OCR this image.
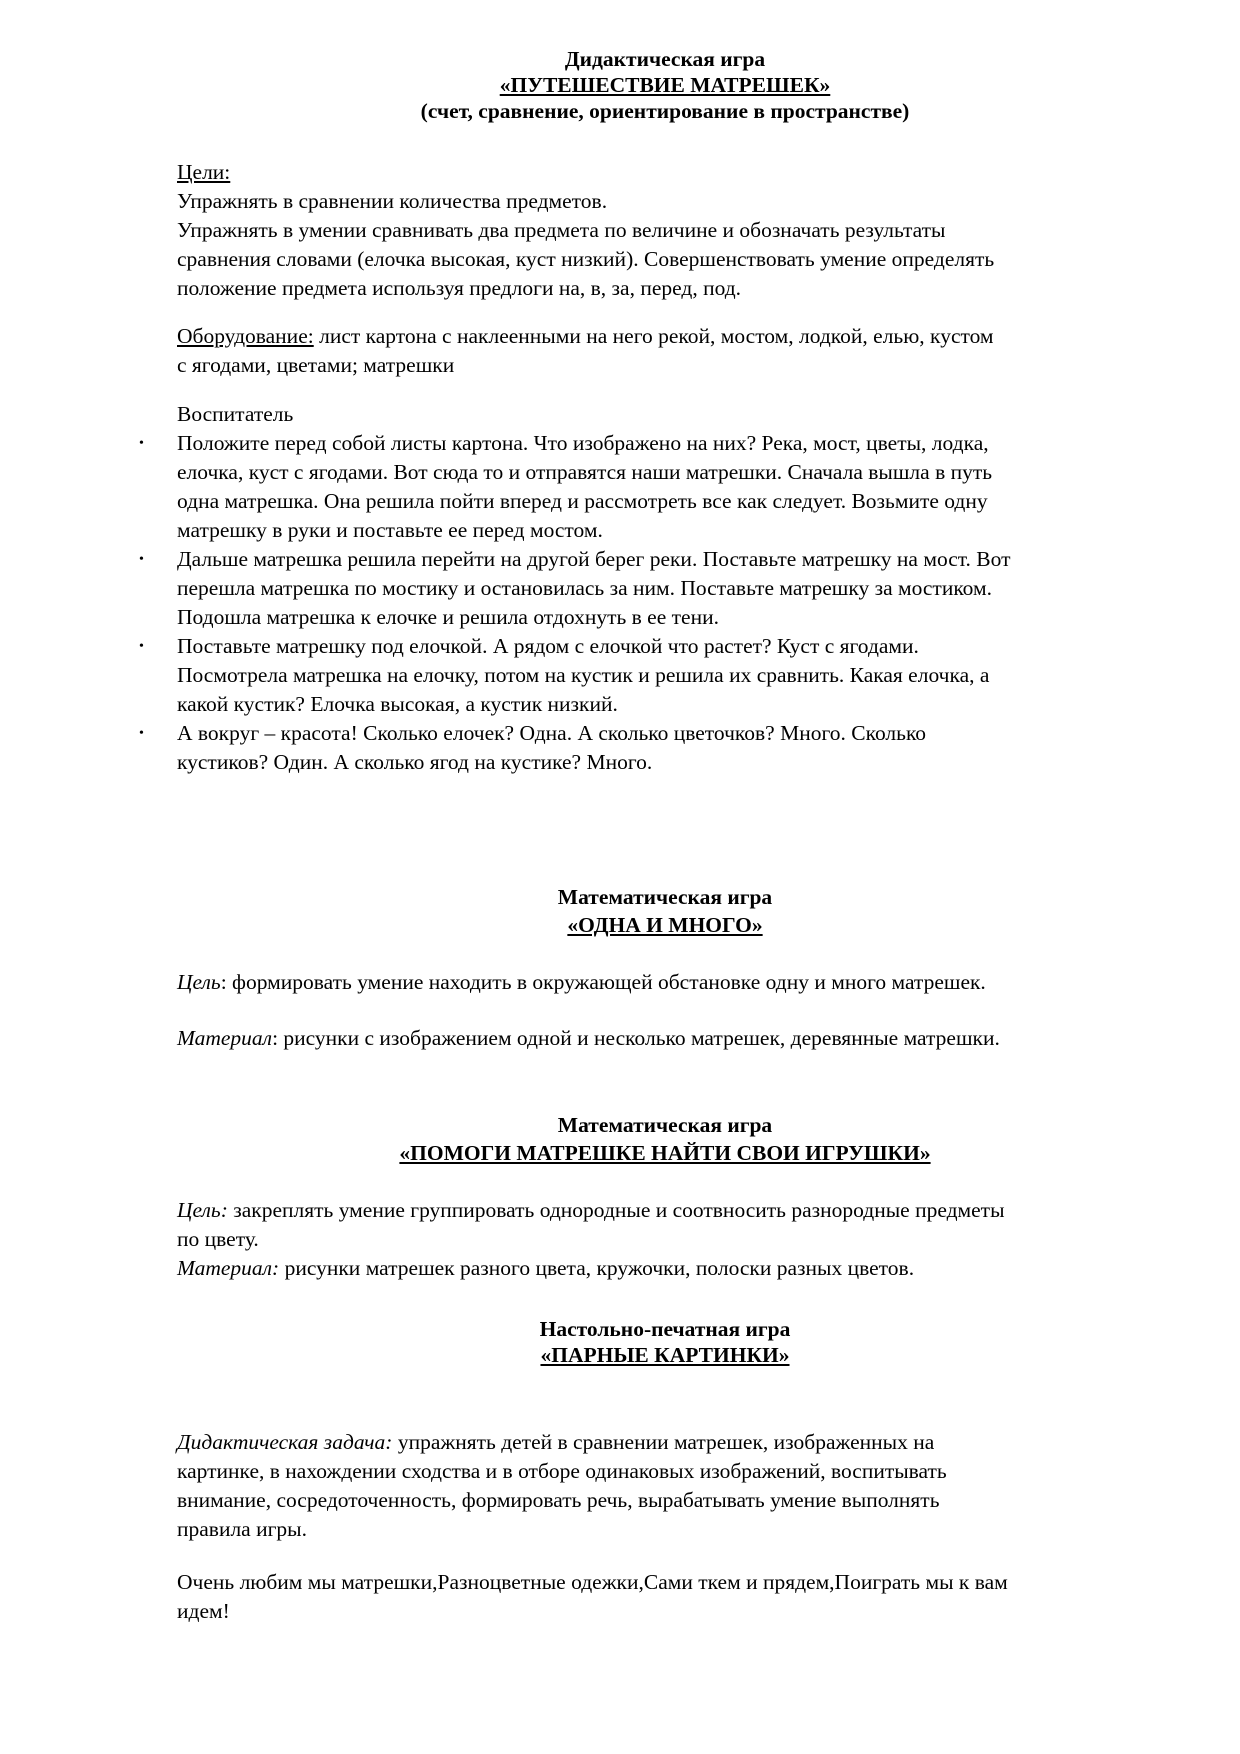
Дидактическая игра
«ПУТЕШЕСТВИЕ МАТРЕШЕК»
(счет, сравнение, ориентирование в пространстве)

Цели:

Упражнять в сравнении количества предметов.

Упражнять в умении сравнивать два предмета по величине и обозначать результаты

сравнения словами (елочка высокая, куст низкий). Совершенствовать умение определять

положение предмета используя предлоги на, в, за, перед, под.

Оборудование: лист картона с наклеенными на него рекой, мостом, лодкой, елью, кустом

с ягодами, цветами; матрешки

Воспитатель
• Положите перед собой листы картона. Что изображено на них? Река, мост, цветы, лодка,
елочка, куст с ягодами. Вот сюда то и отправятся наши матрешки. Сначала вышла в путь
одна матрешка. Она решила пойти вперед и рассмотреть все как следует. Возьмите одну
матрешку в руки и поставьте ее перед мостом.
• Дальше матрешка решила перейти на другой берег реки. Поставьте матрешку на мост. Вот
перешла матрешка по мостику и остановилась за ним. Поставьте матрешку за мостиком.
Подошла матрешка к елочке и решила отдохнуть в ее тени.
• Поставьте матрешку под елочкой. А рядом с елочкой что растет? Куст с ягодами.
Посмотрела матрешка на елочку, потом на кустик и решила их сравнить. Какая елочка, а
какой кустик? Елочка высокая, а кустик низкий.
• А вокруг – красота! Сколько елочек? Одна. А сколько цветочков? Много. Сколько
кустиков? Один. А сколько ягод на кустике? Много.
Математическая игра
«ОДНА И МНОГО»

Цель: формировать умение находить в окружающей обстановке одну и много матрешек.

Материал: рисунки с изображением одной и несколько матрешек, деревянные матрешки.

Математическая игра
«ПОМОГИ МАТРЕШКЕ НАЙТИ СВОИ ИГРУШКИ»

Цель: закреплять умение группировать однородные и соотвносить разнородные предметы

по цвету.

Материал: рисунки матрешек разного цвета, кружочки, полоски разных цветов.

Настольно-печатная игра
«ПАРНЫЕ КАРТИНКИ»

Дидактическая задача: упражнять детей в сравнении матрешек, изображенных на

картинке, в нахождении сходства и в отборе одинаковых изображений, воспитывать

внимание, сосредоточенность, формировать речь, вырабатывать умение выполнять

правила игры.

Очень любим мы матрешки,Разноцветные одежки,Сами ткем и прядем,Поиграть мы к вам

идем!
